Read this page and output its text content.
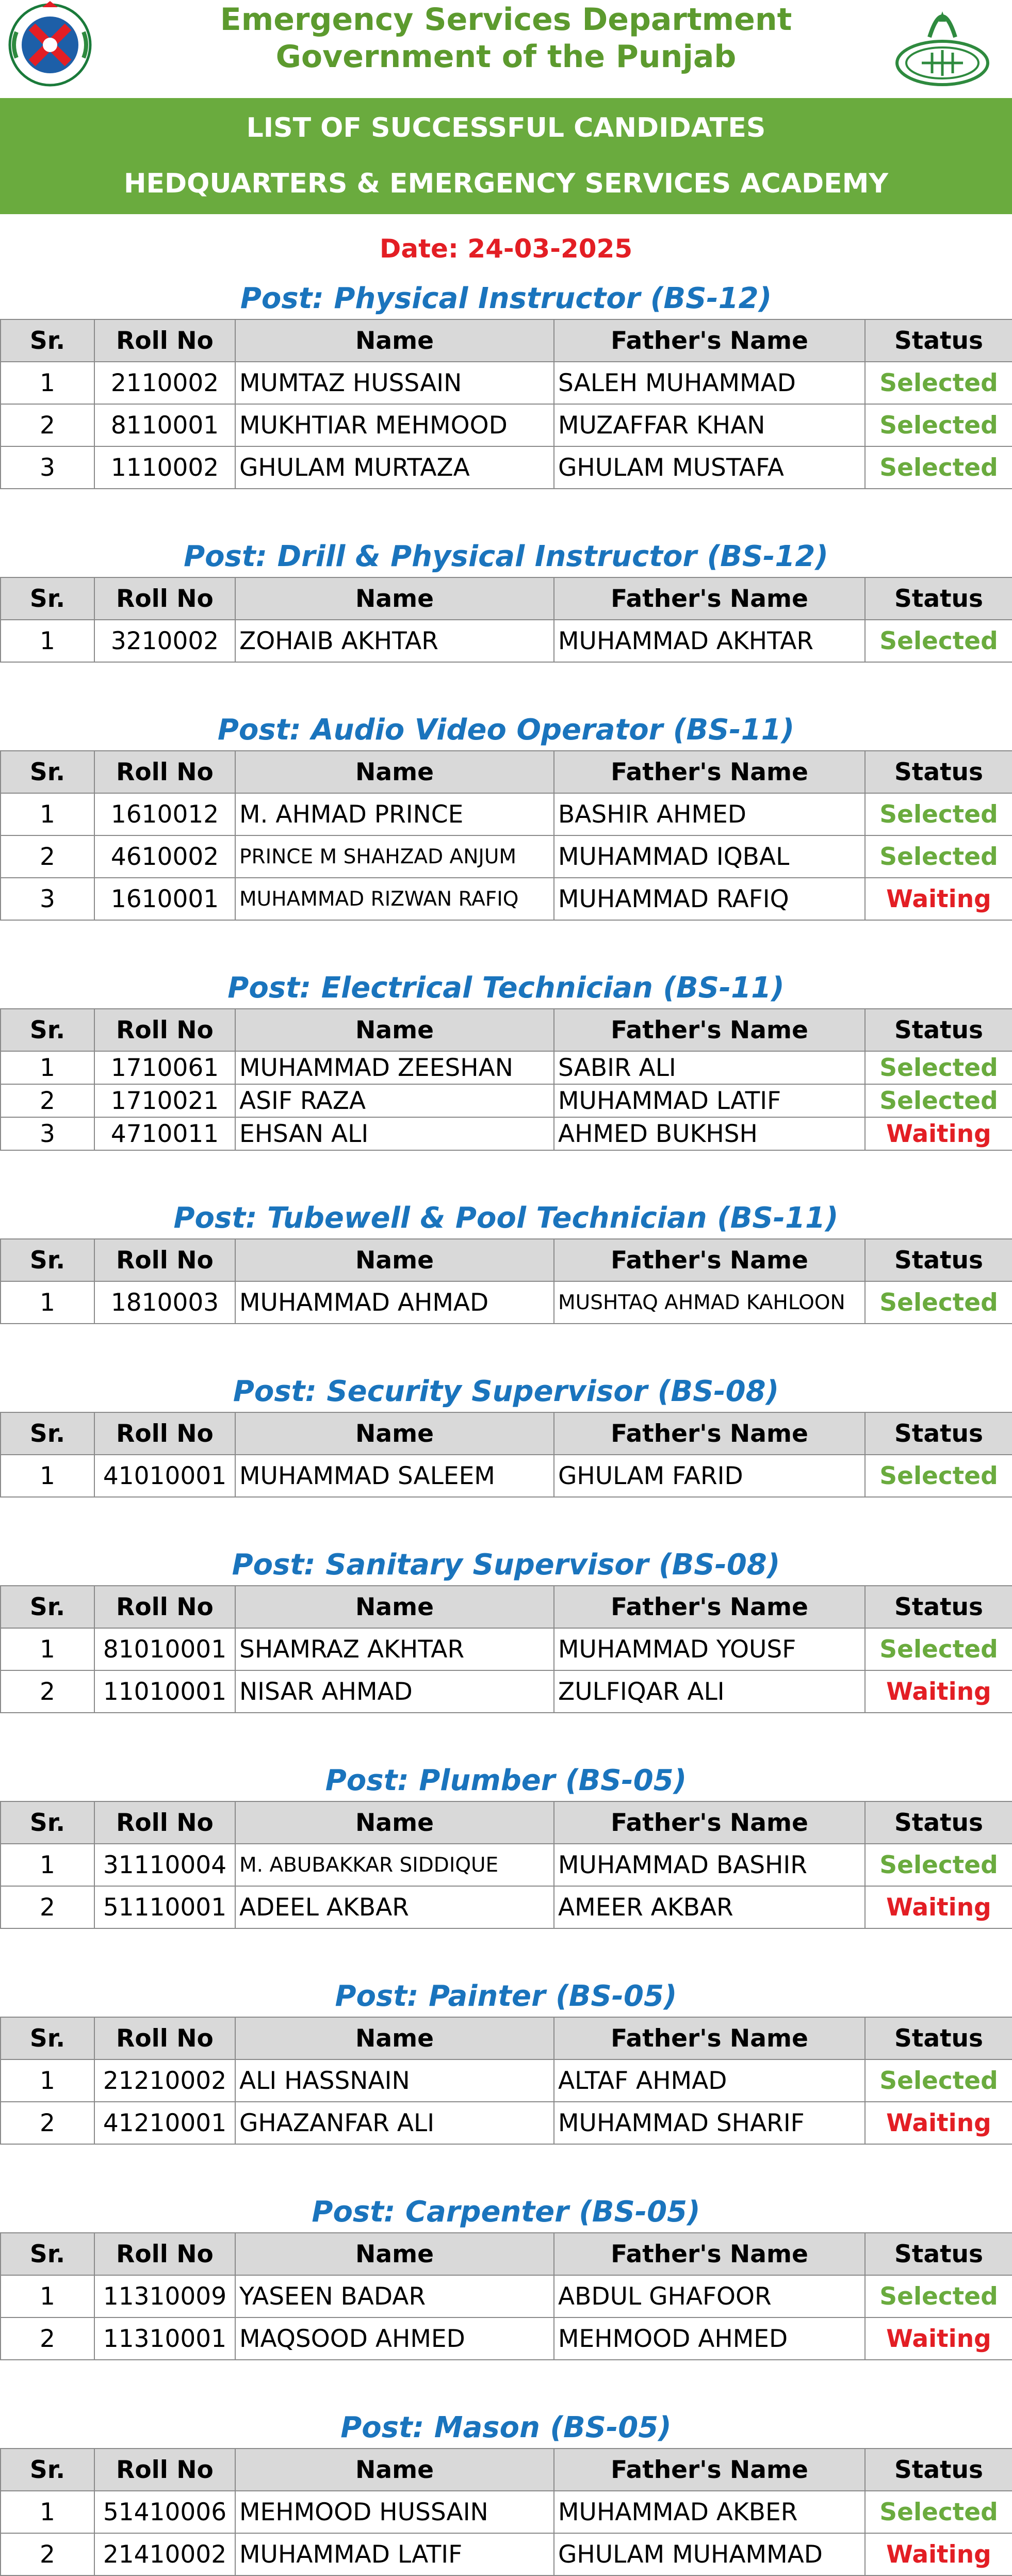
Emergency Services Department
Government of the Punjab
LIST OF SUCCESSFUL CANDIDATES
HEDQUARTERS & EMERGENCY SERVICES ACADEMY
Date: 24-03-2025
Post: Physical Instructor (BS-12)
Sr.	Roll No	Name	Father's Name	Status
1	2110002	MUMTAZ HUSSAIN	SALEH MUHAMMAD	Selected
2	8110001	MUKHTIAR MEHMOOD	MUZAFFAR KHAN	Selected
3	1110002	GHULAM MURTAZA	GHULAM MUSTAFA	Selected
Post: Drill & Physical Instructor (BS-12)
Sr.	Roll No	Name	Father's Name	Status
1	3210002	ZOHAIB AKHTAR	MUHAMMAD AKHTAR	Selected
Post: Audio Video Operator (BS-11)
Sr.	Roll No	Name	Father's Name	Status
1	1610012	M. AHMAD PRINCE	BASHIR AHMED	Selected
2	4610002	PRINCE M SHAHZAD ANJUM	MUHAMMAD IQBAL	Selected
3	1610001	MUHAMMAD RIZWAN RAFIQ	MUHAMMAD RAFIQ	Waiting
Post: Electrical Technician (BS-11)
Sr.	Roll No	Name	Father's Name	Status
1	1710061	MUHAMMAD ZEESHAN	SABIR ALI	Selected
2	1710021	ASIF RAZA	MUHAMMAD LATIF	Selected
3	4710011	EHSAN ALI	AHMED BUKHSH	Waiting
Post: Tubewell & Pool Technician (BS-11)
Sr.	Roll No	Name	Father's Name	Status
1	1810003	MUHAMMAD AHMAD	MUSHTAQ AHMAD KAHLOON	Selected
Post: Security Supervisor (BS-08)
Sr.	Roll No	Name	Father's Name	Status
1	41010001	MUHAMMAD SALEEM	GHULAM FARID	Selected
Post: Sanitary Supervisor (BS-08)
Sr.	Roll No	Name	Father's Name	Status
1	81010001	SHAMRAZ AKHTAR	MUHAMMAD YOUSF	Selected
2	11010001	NISAR AHMAD	ZULFIQAR ALI	Waiting
Post: Plumber (BS-05)
Sr.	Roll No	Name	Father's Name	Status
1	31110004	M. ABUBAKKAR SIDDIQUE	MUHAMMAD BASHIR	Selected
2	51110001	ADEEL AKBAR	AMEER AKBAR	Waiting
Post: Painter (BS-05)
Sr.	Roll No	Name	Father's Name	Status
1	21210002	ALI HASSNAIN	ALTAF AHMAD	Selected
2	41210001	GHAZANFAR ALI	MUHAMMAD SHARIF	Waiting
Post: Carpenter (BS-05)
Sr.	Roll No	Name	Father's Name	Status
1	11310009	YASEEN BADAR	ABDUL GHAFOOR	Selected
2	11310001	MAQSOOD AHMED	MEHMOOD AHMED	Waiting
Post: Mason (BS-05)
Sr.	Roll No	Name	Father's Name	Status
1	51410006	MEHMOOD HUSSAIN	MUHAMMAD AKBER	Selected
2	21410002	MUHAMMAD LATIF	GHULAM MUHAMMAD	Waiting
